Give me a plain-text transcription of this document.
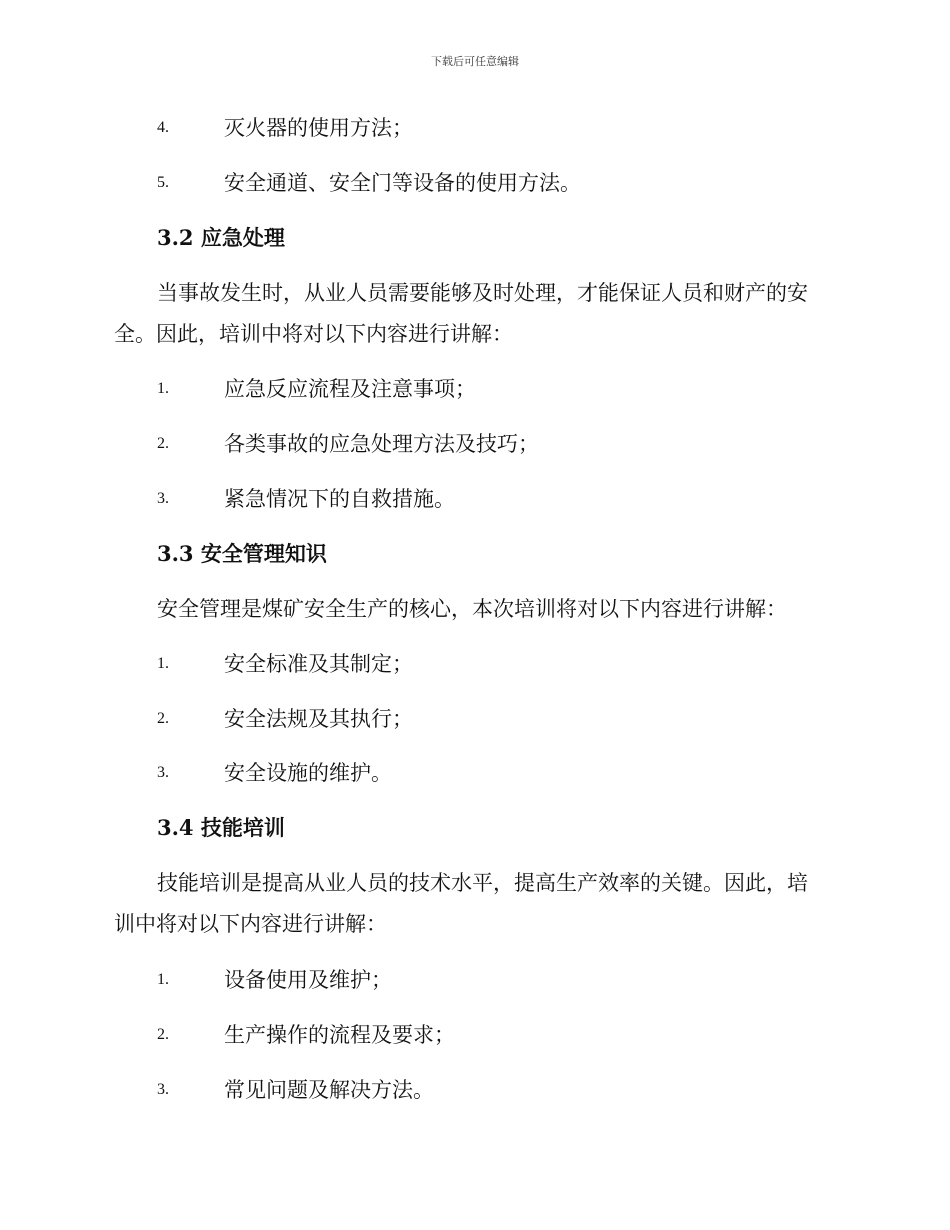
下载后可任意编辑
4.	灭火器的使用方法；
5.	安全通道、安全门等设备的使用方法。
3.2 应急处理
当事故发生时，从业人员需要能够及时处理，才能保证人员和财产的安
全。因此，培训中将对以下内容进行讲解：
1.	应急反应流程及注意事项；
2.	各类事故的应急处理方法及技巧；
3.	紧急情况下的自救措施。
3.3 安全管理知识
安全管理是煤矿安全生产的核心，本次培训将对以下内容进行讲解：
1.	安全标准及其制定；
2.	安全法规及其执行；
3.	安全设施的维护。
3.4 技能培训
技能培训是提高从业人员的技术水平，提高生产效率的关键。因此，培
训中将对以下内容进行讲解：
1.	设备使用及维护；
2.	生产操作的流程及要求；
3.	常见问题及解决方法。
